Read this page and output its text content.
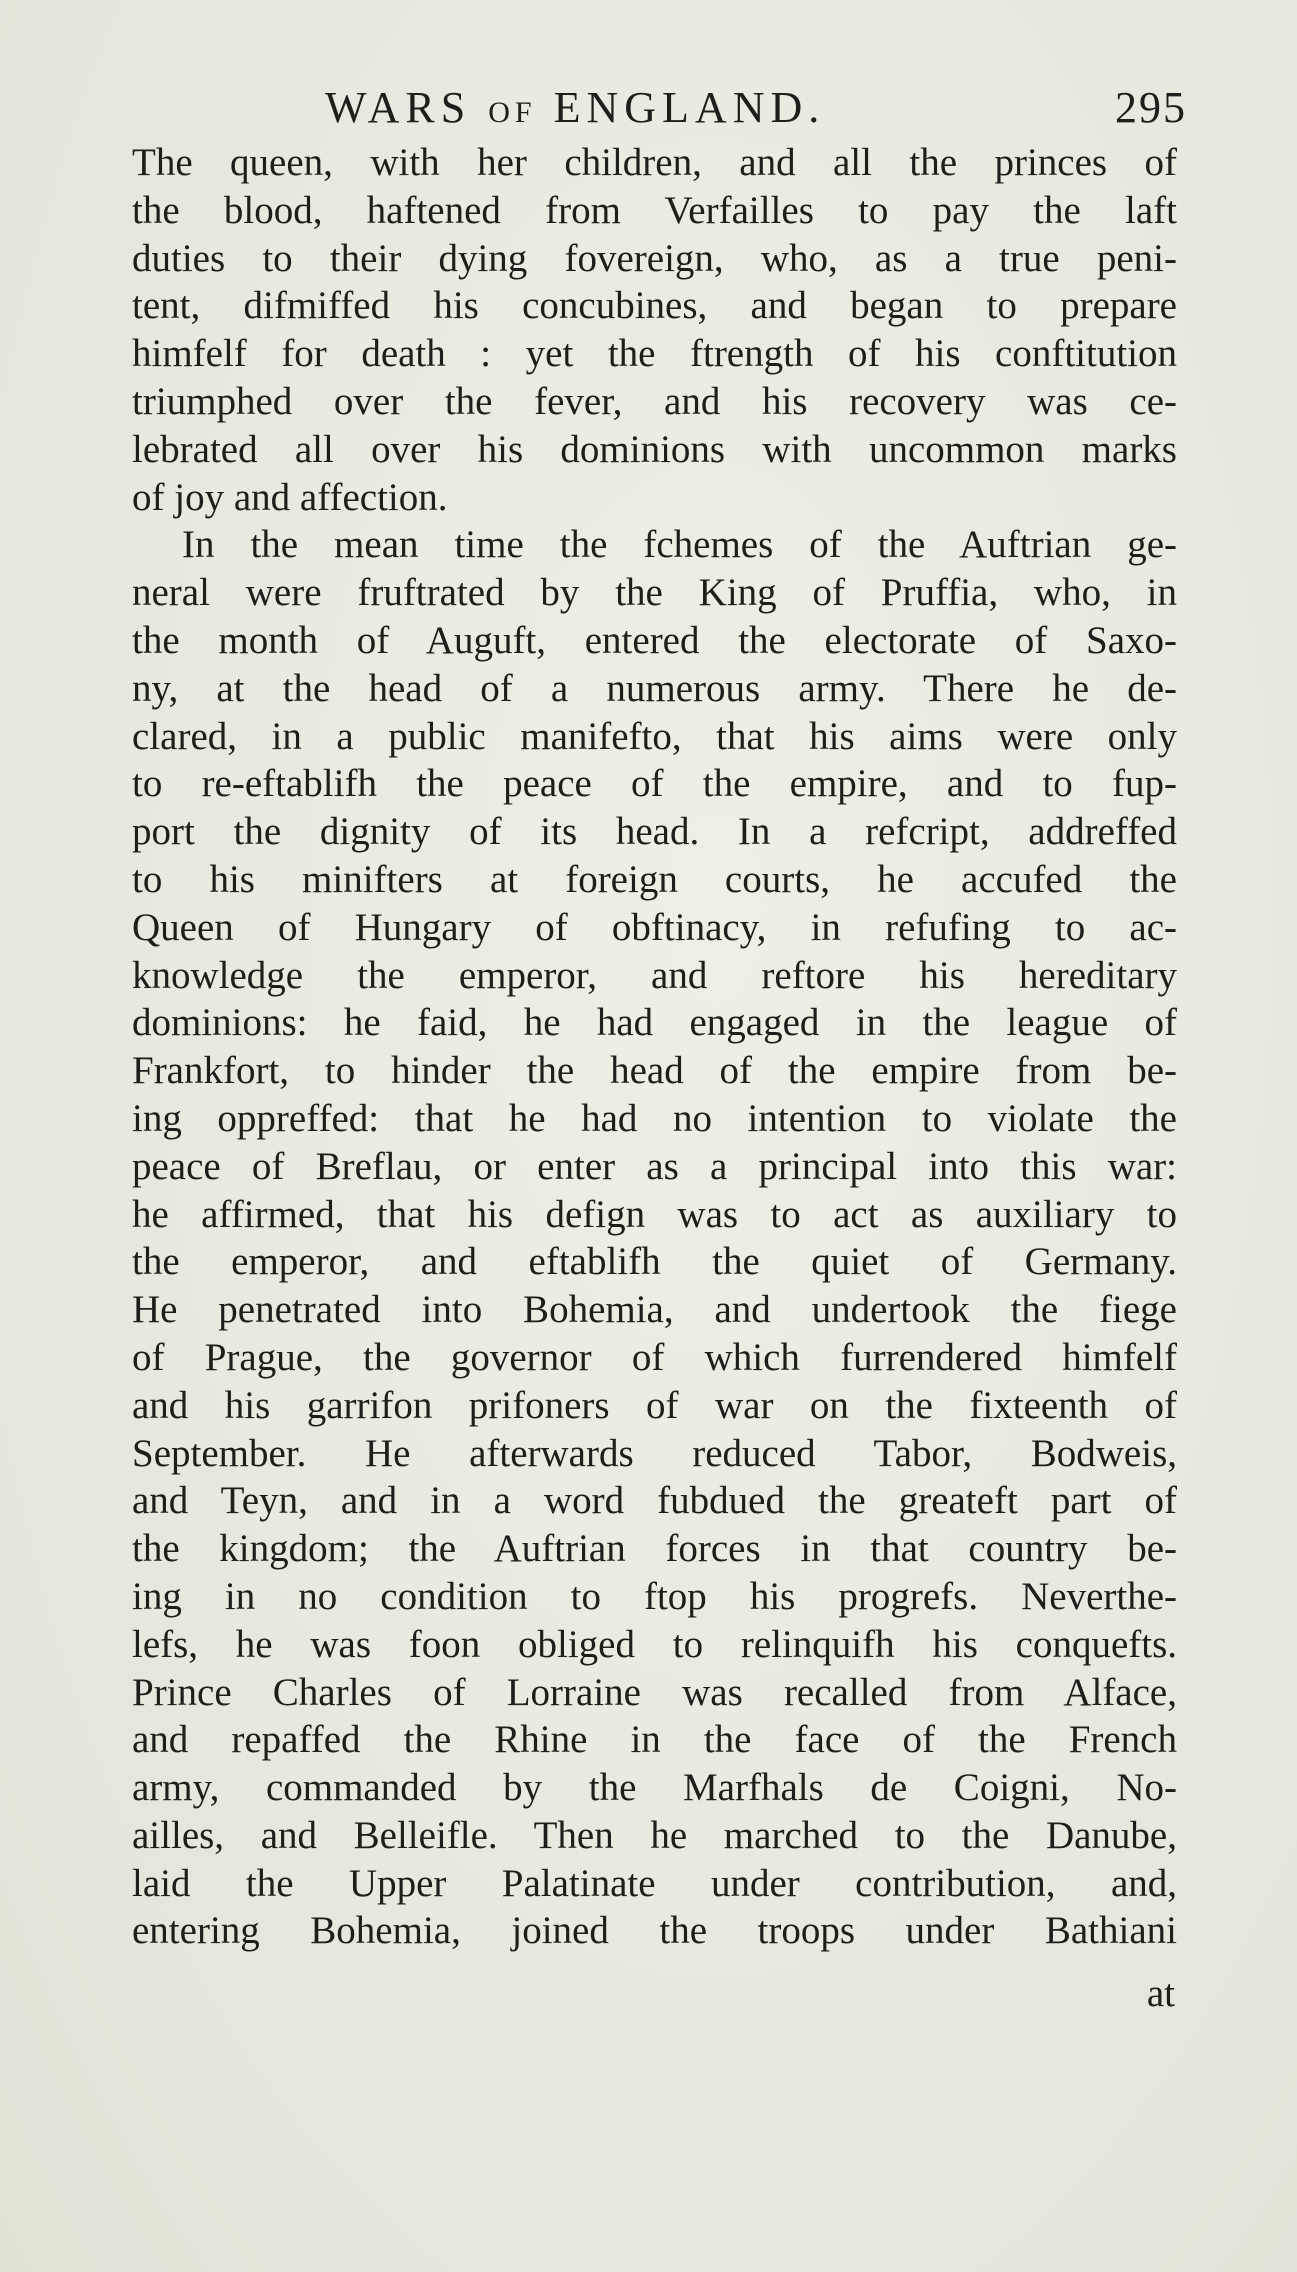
WARS OF ENGLAND.	295
The queen, with her children, and all the princes of
the blood, haftened from Verfailles to pay the laft
duties to their dying fovereign, who, as a true peni-
tent, difmiffed his concubines, and began to prepare
himfelf for death : yet the ftrength of his conftitution
triumphed over the fever, and his recovery was ce-
lebrated all over his dominions with uncommon marks
of joy and affection.
In the mean time the fchemes of the Auftrian ge-
neral were fruftrated by the King of Pruffia, who, in
the month of Auguft, entered the electorate of Saxo-
ny, at the head of a numerous army. There he de-
clared, in a public manifefto, that his aims were only
to re-eftablifh the peace of the empire, and to fup-
port the dignity of its head. In a refcript, addreffed
to his minifters at foreign courts, he accufed the
Queen of Hungary of obftinacy, in refufing to ac-
knowledge the emperor, and reftore his hereditary
dominions: he faid, he had engaged in the league of
Frankfort, to hinder the head of the empire from be-
ing oppreffed: that he had no intention to violate the
peace of Breflau, or enter as a principal into this war:
he affirmed, that his defign was to act as auxiliary to
the emperor, and eftablifh the quiet of Germany.
He penetrated into Bohemia, and undertook the fiege
of Prague, the governor of which furrendered himfelf
and his garrifon prifoners of war on the fixteenth of
September. He afterwards reduced Tabor, Bodweis,
and Teyn, and in a word fubdued the greateft part of
the kingdom; the Auftrian forces in that country be-
ing in no condition to ftop his progrefs. Neverthe-
lefs, he was foon obliged to relinquifh his conquefts.
Prince Charles of Lorraine was recalled from Alface,
and repaffed the Rhine in the face of the French
army, commanded by the Marfhals de Coigni, No-
ailles, and Belleifle. Then he marched to the Danube,
laid the Upper Palatinate under contribution, and,
entering Bohemia, joined the troops under Bathiani
at
